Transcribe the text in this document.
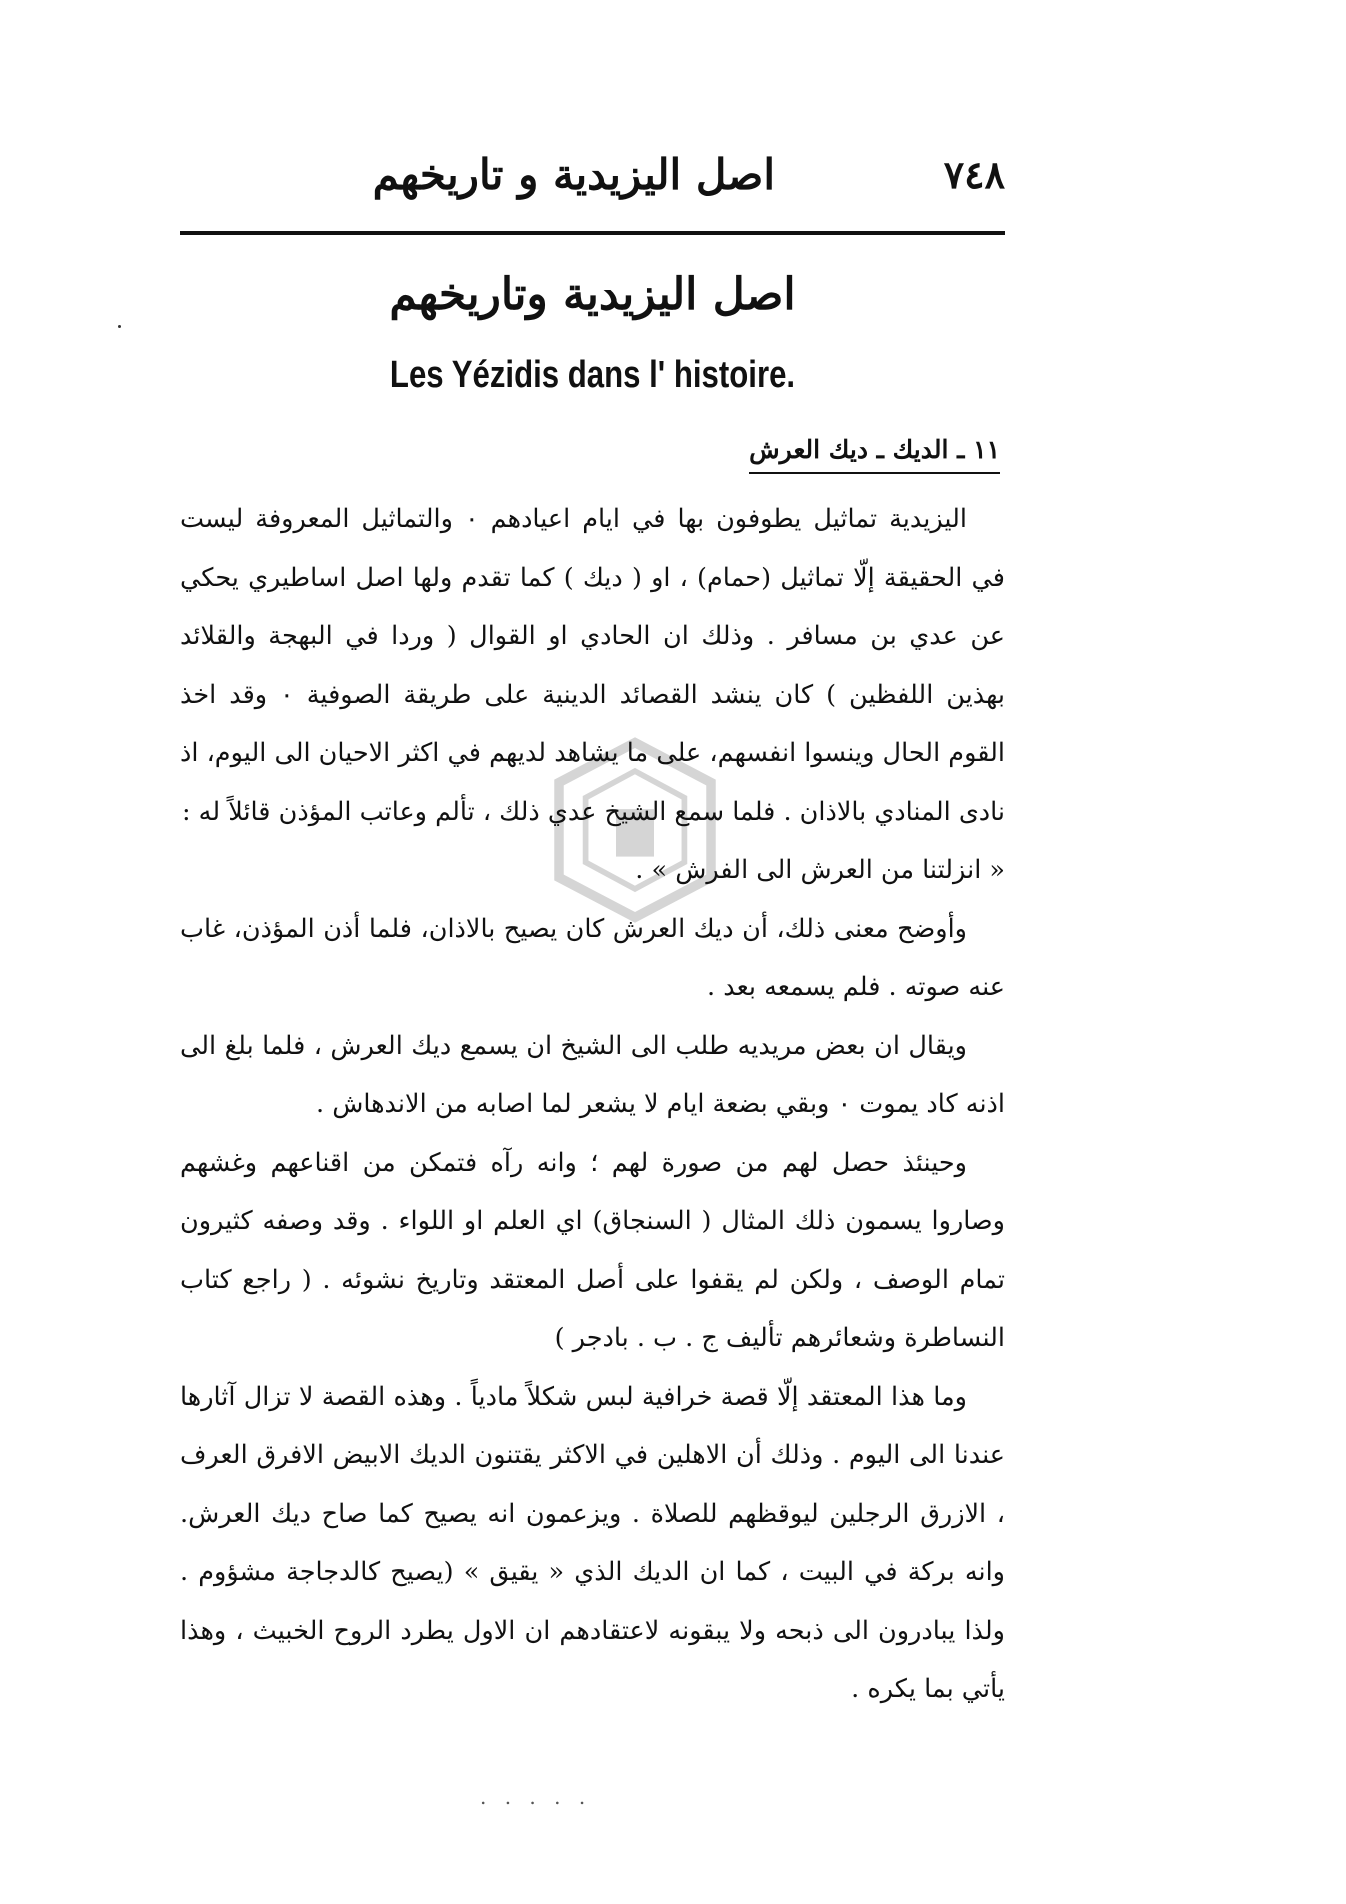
٧٤٨
اصل اليزيدية و تاريخهم

اصل اليزيدية وتاريخهم

Les Yézidis dans l' histoire.

١١ ـ الديك ـ ديك العرش

اليزيدية تماثيل يطوفون بها في ايام اعيادهم ٠ والتماثيل المعروفة ليست في الحقيقة إلّا تماثيل (حمام) ، او ( ديك ) كما تقدم ولها اصل اساطيري يحكي عن عدي بن مسافر . وذلك ان الحادي او القوال ( وردا في البهجة والقلائد بهذين اللفظين ) كان ينشد القصائد الدينية على طريقة الصوفية ٠ وقد اخذ القوم الحال وينسوا انفسهم، على ما يشاهد لديهم في اكثر الاحيان الى اليوم، اذ نادى المنادي بالاذان . فلما سمع الشيخ عدي ذلك ، تألم وعاتب المؤذن قائلاً له :

« انزلتنا من العرش الى الفرش » .

وأوضح معنى ذلك، أن ديك العرش كان يصيح بالاذان، فلما أذن المؤذن، غاب عنه صوته . فلم يسمعه بعد .

ويقال ان بعض مريديه طلب الى الشيخ ان يسمع ديك العرش ، فلما بلغ الى اذنه كاد يموت ٠ وبقي بضعة ايام لا يشعر لما اصابه من الاندهاش .

وحينئذ حصل لهم من صورة لهم ؛ وانه رآه فتمكن من اقناعهم وغشهم وصاروا يسمون ذلك المثال ( السنجاق) اي العلم او اللواء . وقد وصفه كثيرون تمام الوصف ، ولكن لم يقفوا على أصل المعتقد وتاريخ نشوئه . ( راجع كتاب النساطرة وشعائرهم تأليف ج . ب . بادجر )

وما هذا المعتقد إلّا قصة خرافية لبس شكلاً مادياً . وهذه القصة لا تزال آثارها عندنا الى اليوم . وذلك أن الاهلين في الاكثر يقتنون الديك الابيض الافرق العرف ، الازرق الرجلين ليوقظهم للصلاة . ويزعمون انه يصيح كما صاح ديك العرش. وانه بركة في البيت ، كما ان الديك الذي « يقيق » (يصيح كالدجاجة مشؤوم . ولذا يبادرون الى ذبحه ولا يبقونه لاعتقادهم ان الاول يطرد الروح الخبيث ، وهذا يأتي بما يكره .

. . . . .
